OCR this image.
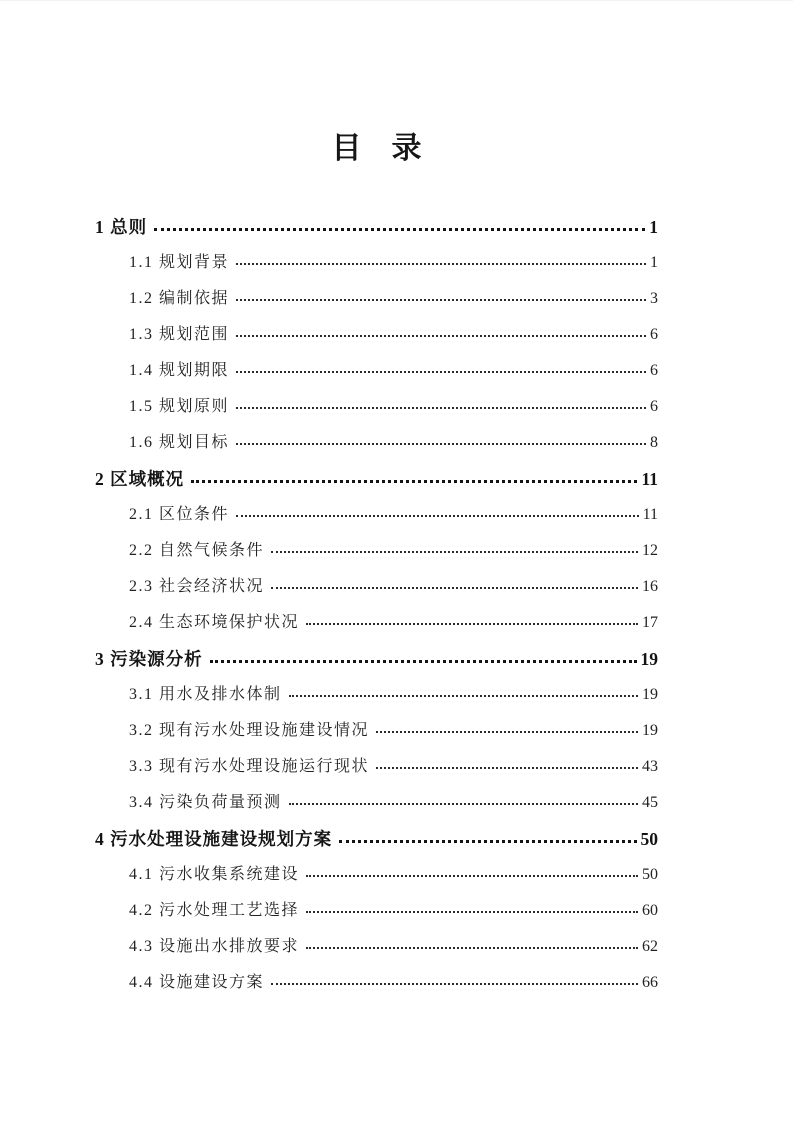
目　录
1 总则	1
1.1 规划背景	1
1.2 编制依据	3
1.3 规划范围	6
1.4 规划期限	6
1.5 规划原则	6
1.6 规划目标	8
2 区域概况	11
2.1 区位条件	11
2.2 自然气候条件	12
2.3 社会经济状况	16
2.4 生态环境保护状况	17
3 污染源分析	19
3.1 用水及排水体制	19
3.2 现有污水处理设施建设情况	19
3.3 现有污水处理设施运行现状	43
3.4 污染负荷量预测	45
4 污水处理设施建设规划方案	50
4.1 污水收集系统建设	50
4.2 污水处理工艺选择	60
4.3 设施出水排放要求	62
4.4 设施建设方案	66
